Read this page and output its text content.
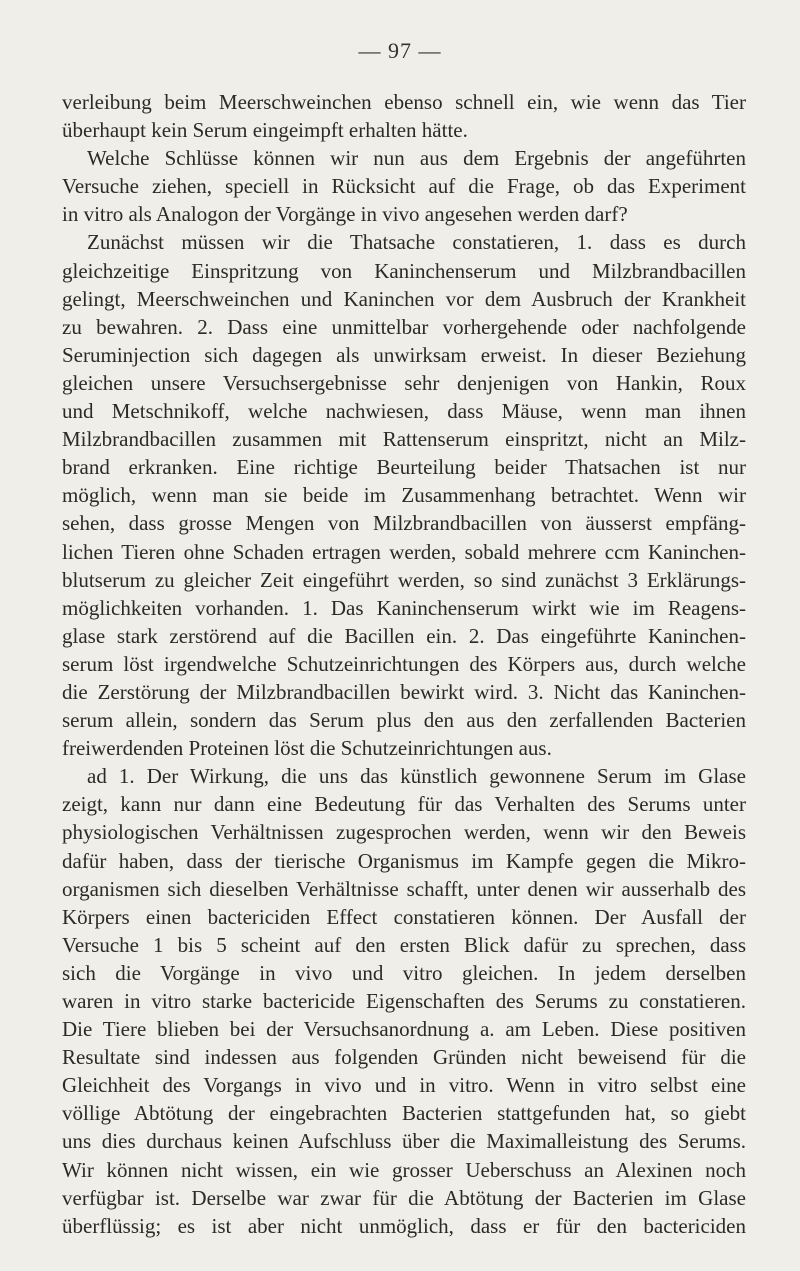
— 97 —
verleibung beim Meerschweinchen ebenso schnell ein, wie wenn das Tier
überhaupt kein Serum eingeimpft erhalten hätte.
Welche Schlüsse können wir nun aus dem Ergebnis der angeführten
Versuche ziehen, speciell in Rücksicht auf die Frage, ob das Experiment
in vitro als Analogon der Vorgänge in vivo angesehen werden darf?
Zunächst müssen wir die Thatsache constatieren, 1. dass es durch
gleichzeitige Einspritzung von Kaninchenserum und Milzbrandbacillen
gelingt, Meerschweinchen und Kaninchen vor dem Ausbruch der Krankheit
zu bewahren. 2. Dass eine unmittelbar vorhergehende oder nachfolgende
Seruminjection sich dagegen als unwirksam erweist. In dieser Beziehung
gleichen unsere Versuchsergebnisse sehr denjenigen von Hankin, Roux
und Metschnikoff, welche nachwiesen, dass Mäuse, wenn man ihnen
Milzbrandbacillen zusammen mit Rattenserum einspritzt, nicht an Milz-
brand erkranken. Eine richtige Beurteilung beider Thatsachen ist nur
möglich, wenn man sie beide im Zusammenhang betrachtet. Wenn wir
sehen, dass grosse Mengen von Milzbrandbacillen von äusserst empfäng-
lichen Tieren ohne Schaden ertragen werden, sobald mehrere ccm Kaninchen-
blutserum zu gleicher Zeit eingeführt werden, so sind zunächst 3 Erklärungs-
möglichkeiten vorhanden. 1. Das Kaninchenserum wirkt wie im Reagens-
glase stark zerstörend auf die Bacillen ein. 2. Das eingeführte Kaninchen-
serum löst irgendwelche Schutzeinrichtungen des Körpers aus, durch welche
die Zerstörung der Milzbrandbacillen bewirkt wird. 3. Nicht das Kaninchen-
serum allein, sondern das Serum plus den aus den zerfallenden Bacterien
freiwerdenden Proteinen löst die Schutzeinrichtungen aus.
ad 1. Der Wirkung, die uns das künstlich gewonnene Serum im Glase
zeigt, kann nur dann eine Bedeutung für das Verhalten des Serums unter
physiologischen Verhältnissen zugesprochen werden, wenn wir den Beweis
dafür haben, dass der tierische Organismus im Kampfe gegen die Mikro-
organismen sich dieselben Verhältnisse schafft, unter denen wir ausserhalb des
Körpers einen bactericiden Effect constatieren können. Der Ausfall der
Versuche 1 bis 5 scheint auf den ersten Blick dafür zu sprechen, dass
sich die Vorgänge in vivo und vitro gleichen. In jedem derselben
waren in vitro starke bactericide Eigenschaften des Serums zu constatieren.
Die Tiere blieben bei der Versuchsanordnung a. am Leben. Diese positiven
Resultate sind indessen aus folgenden Gründen nicht beweisend für die
Gleichheit des Vorgangs in vivo und in vitro. Wenn in vitro selbst eine
völlige Abtötung der eingebrachten Bacterien stattgefunden hat, so giebt
uns dies durchaus keinen Aufschluss über die Maximalleistung des Serums.
Wir können nicht wissen, ein wie grosser Ueberschuss an Alexinen noch
verfügbar ist. Derselbe war zwar für die Abtötung der Bacterien im Glase
überflüssig; es ist aber nicht unmöglich, dass er für den bactericiden
